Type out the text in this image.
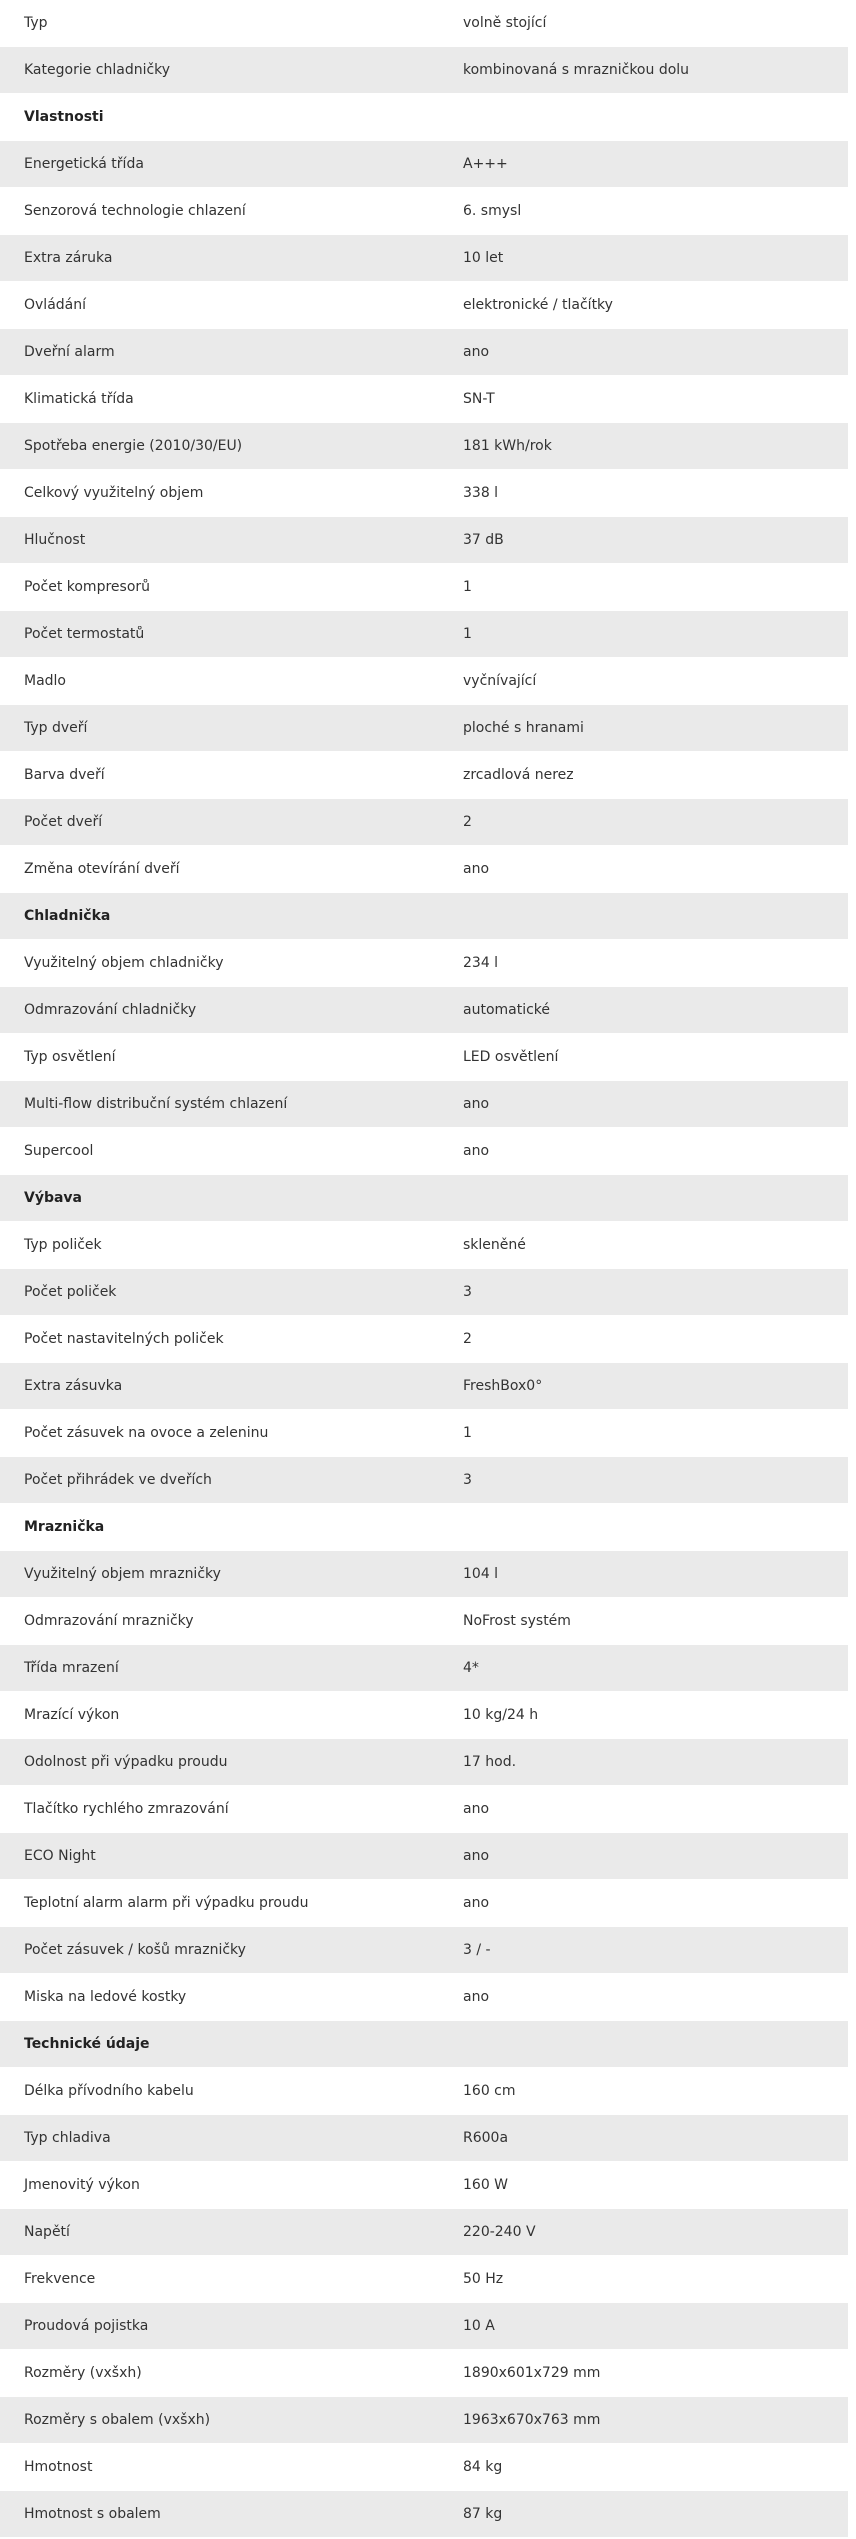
Typ	volně stojící
Kategorie chladničky	kombinovaná s mrazničkou dolu
Vlastnosti
Energetická třída	A+++
Senzorová technologie chlazení	6. smysl
Extra záruka	10 let
Ovládání	elektronické / tlačítky
Dveřní alarm	ano
Klimatická třída	SN-T
Spotřeba energie (2010/30/EU)	181 kWh/rok
Celkový využitelný objem	338 l
Hlučnost	37 dB
Počet kompresorů	1
Počet termostatů	1
Madlo	vyčnívající
Typ dveří	ploché s hranami
Barva dveří	zrcadlová nerez
Počet dveří	2
Změna otevírání dveří	ano
Chladnička
Využitelný objem chladničky	234 l
Odmrazování chladničky	automatické
Typ osvětlení	LED osvětlení
Multi-flow distribuční systém chlazení	ano
Supercool	ano
Výbava
Typ poliček	skleněné
Počet poliček	3
Počet nastavitelných poliček	2
Extra zásuvka	FreshBox0°
Počet zásuvek na ovoce a zeleninu	1
Počet přihrádek ve dveřích	3
Mraznička
Využitelný objem mrazničky	104 l
Odmrazování mrazničky	NoFrost systém
Třída mrazení	4*
Mrazící výkon	10 kg/24 h
Odolnost při výpadku proudu	17 hod.
Tlačítko rychlého zmrazování	ano
ECO Night	ano
Teplotní alarm alarm při výpadku proudu	ano
Počet zásuvek / košů mrazničky	3 / -
Miska na ledové kostky	ano
Technické údaje
Délka přívodního kabelu	160 cm
Typ chladiva	R600a
Jmenovitý výkon	160 W
Napětí	220-240 V
Frekvence	50 Hz
Proudová pojistka	10 A
Rozměry (vxšxh)	1890x601x729 mm
Rozměry s obalem (vxšxh)	1963x670x763 mm
Hmotnost	84 kg
Hmotnost s obalem	87 kg
